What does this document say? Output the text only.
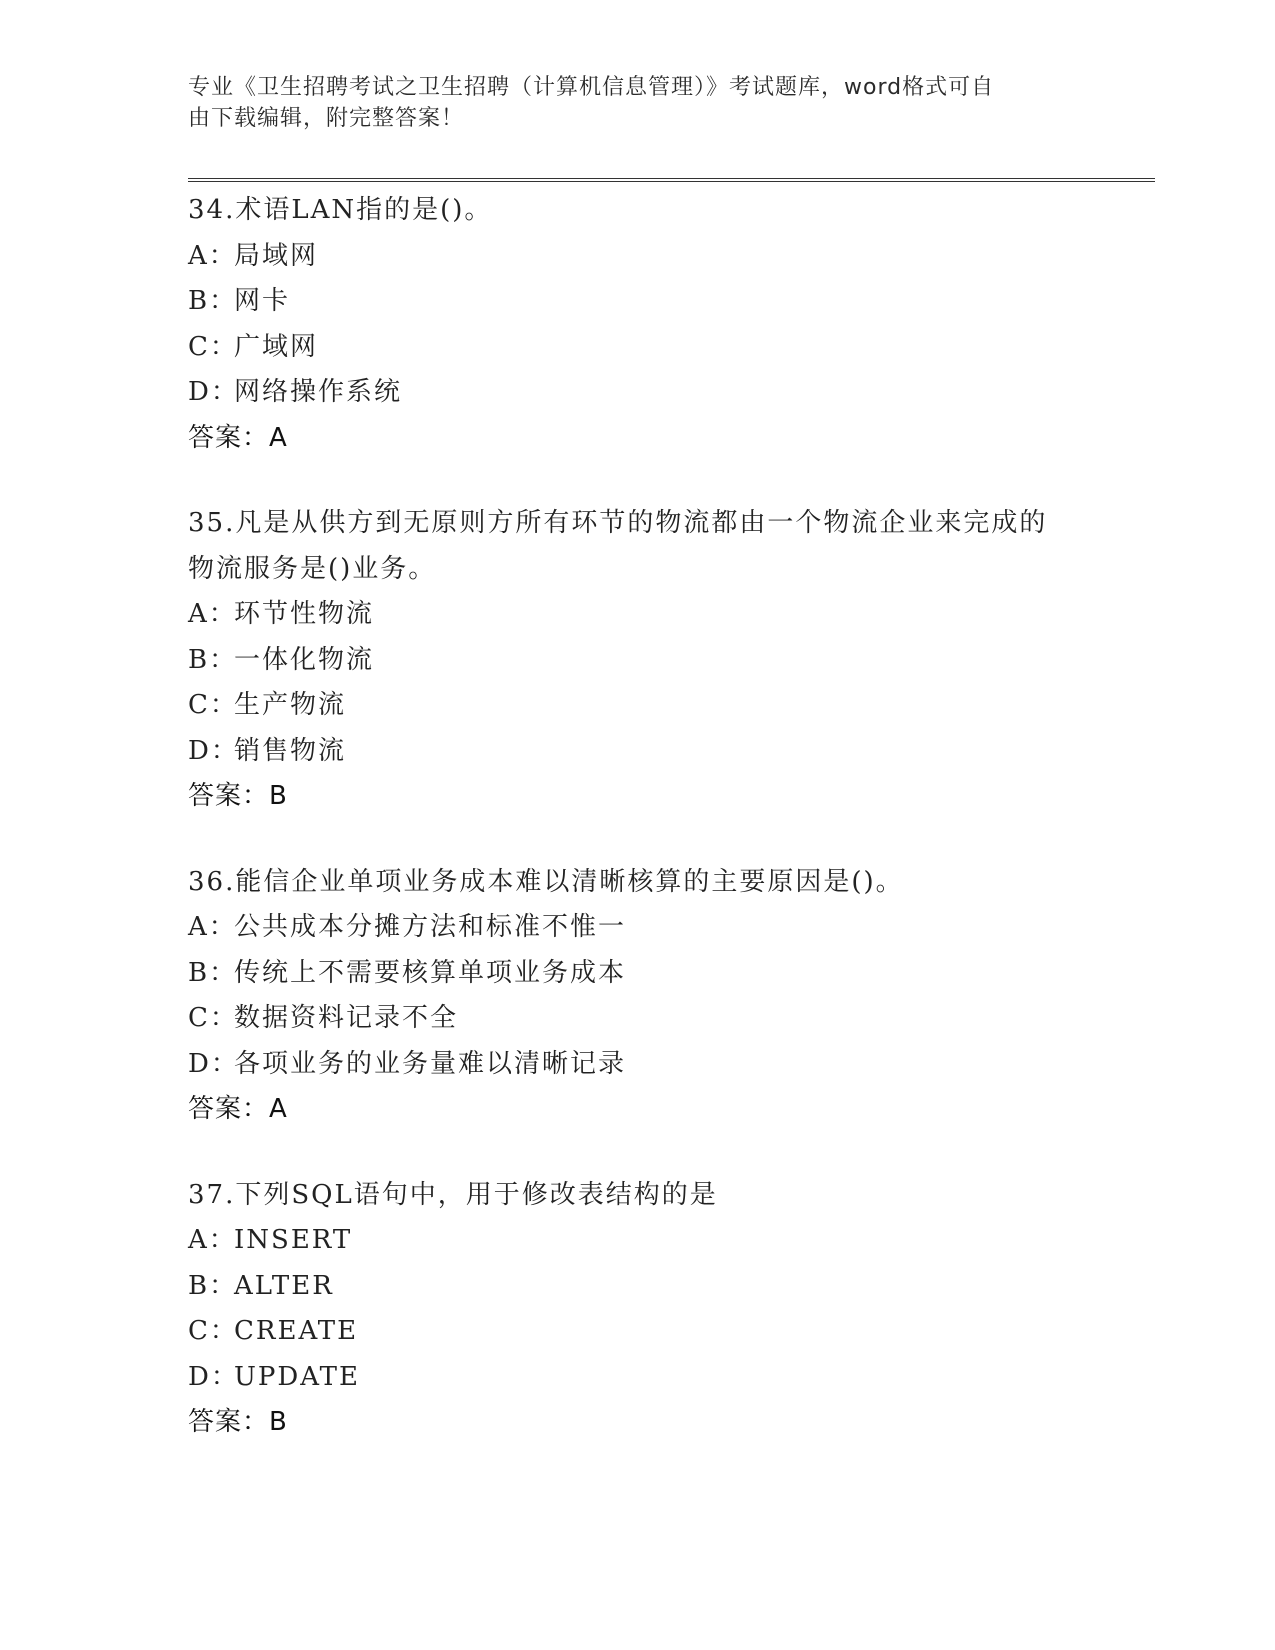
专业《卫生招聘考试之卫生招聘（计算机信息管理）》考试题库，word格式可自
由下载编辑，附完整答案！
34.术语LAN指的是()。
A：局域网
B：网卡
C：广域网
D：网络操作系统
答案：A
35.凡是从供方到无原则方所有环节的物流都由一个物流企业来完成的
物流服务是()业务。
A：环节性物流
B：一体化物流
C：生产物流
D：销售物流
答案：B
36.能信企业单项业务成本难以清晰核算的主要原因是()。
A：公共成本分摊方法和标准不惟一
B：传统上不需要核算单项业务成本
C：数据资料记录不全
D：各项业务的业务量难以清晰记录
答案：A
37.下列SQL语句中，用于修改表结构的是
A：INSERT
B：ALTER
C：CREATE
D：UPDATE
答案：B
